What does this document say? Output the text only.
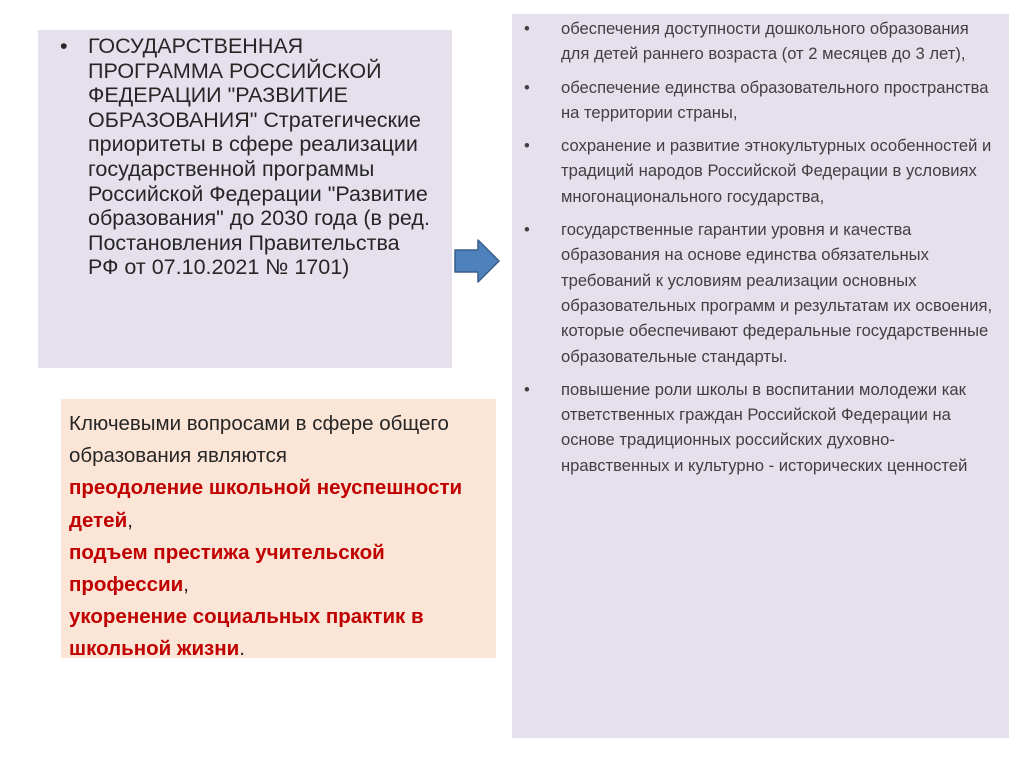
• ГОСУДАРСТВЕННАЯ ПРОГРАММА РОССИЙСКОЙ ФЕДЕРАЦИИ "РАЗВИТИЕ ОБРАЗОВАНИЯ" Стратегические приоритеты в сфере реализации государственной программы Российской Федерации "Развитие образования" до 2030 года (в ред. Постановления Правительства РФ от 07.10.2021 № 1701)
Ключевыми вопросами в сфере общего образования являются
преодоление школьной неуспешности детей,
подъем престижа учительской профессии,
укоренение социальных практик в школьной жизни.
• обеспечения доступности дошкольного образования для детей раннего возраста (от 2 месяцев до 3 лет),
• обеспечение единства образовательного пространства на территории страны,
• сохранение и развитие этнокультурных особенностей и традиций народов Российской Федерации в условиях многонационального государства,
• государственные гарантии уровня и качества образования на основе единства обязательных требований к условиям реализации основных образовательных программ и результатам их освоения, которые обеспечивают федеральные государственные образовательные стандарты.
• повышение роли школы в воспитании молодежи как ответственных граждан Российской Федерации на основе традиционных российских духовно-нравственных и культурно - исторических ценностей
